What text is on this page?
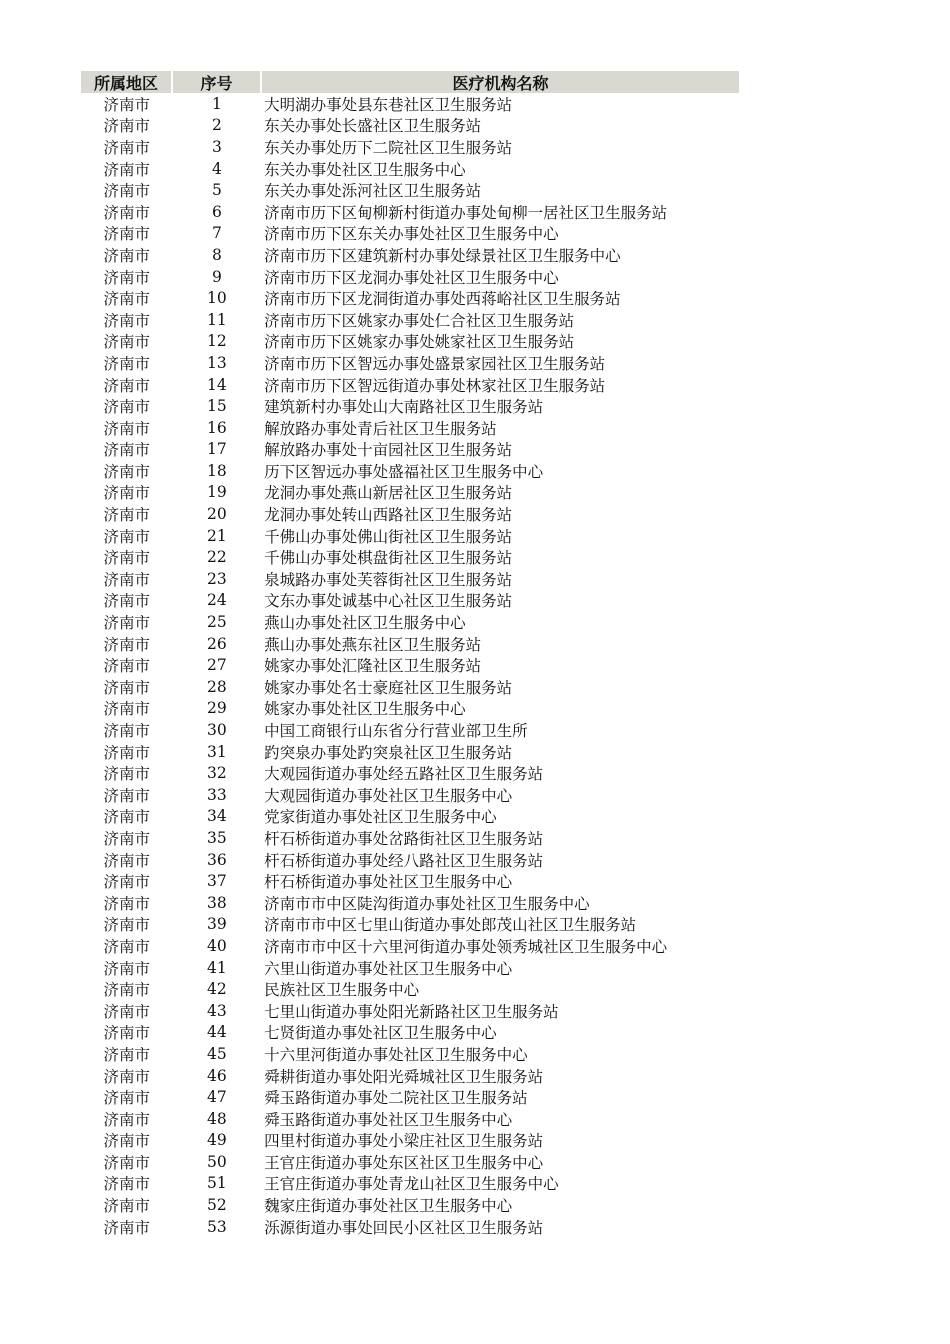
所属地区	序号	医疗机构名称
济南市	1	大明湖办事处县东巷社区卫生服务站
济南市	2	东关办事处长盛社区卫生服务站
济南市	3	东关办事处历下二院社区卫生服务站
济南市	4	东关办事处社区卫生服务中心
济南市	5	东关办事处泺河社区卫生服务站
济南市	6	济南市历下区甸柳新村街道办事处甸柳一居社区卫生服务站
济南市	7	济南市历下区东关办事处社区卫生服务中心
济南市	8	济南市历下区建筑新村办事处绿景社区卫生服务中心
济南市	9	济南市历下区龙洞办事处社区卫生服务中心
济南市	10	济南市历下区龙洞街道办事处西蒋峪社区卫生服务站
济南市	11	济南市历下区姚家办事处仁合社区卫生服务站
济南市	12	济南市历下区姚家办事处姚家社区卫生服务站
济南市	13	济南市历下区智远办事处盛景家园社区卫生服务站
济南市	14	济南市历下区智远街道办事处林家社区卫生服务站
济南市	15	建筑新村办事处山大南路社区卫生服务站
济南市	16	解放路办事处青后社区卫生服务站
济南市	17	解放路办事处十亩园社区卫生服务站
济南市	18	历下区智远办事处盛福社区卫生服务中心
济南市	19	龙洞办事处燕山新居社区卫生服务站
济南市	20	龙洞办事处转山西路社区卫生服务站
济南市	21	千佛山办事处佛山街社区卫生服务站
济南市	22	千佛山办事处棋盘街社区卫生服务站
济南市	23	泉城路办事处芙蓉街社区卫生服务站
济南市	24	文东办事处诚基中心社区卫生服务站
济南市	25	燕山办事处社区卫生服务中心
济南市	26	燕山办事处燕东社区卫生服务站
济南市	27	姚家办事处汇隆社区卫生服务站
济南市	28	姚家办事处名士豪庭社区卫生服务站
济南市	29	姚家办事处社区卫生服务中心
济南市	30	中国工商银行山东省分行营业部卫生所
济南市	31	趵突泉办事处趵突泉社区卫生服务站
济南市	32	大观园街道办事处经五路社区卫生服务站
济南市	33	大观园街道办事处社区卫生服务中心
济南市	34	党家街道办事处社区卫生服务中心
济南市	35	杆石桥街道办事处岔路街社区卫生服务站
济南市	36	杆石桥街道办事处经八路社区卫生服务站
济南市	37	杆石桥街道办事处社区卫生服务中心
济南市	38	济南市市中区陡沟街道办事处社区卫生服务中心
济南市	39	济南市市中区七里山街道办事处郎茂山社区卫生服务站
济南市	40	济南市市中区十六里河街道办事处领秀城社区卫生服务中心
济南市	41	六里山街道办事处社区卫生服务中心
济南市	42	民族社区卫生服务中心
济南市	43	七里山街道办事处阳光新路社区卫生服务站
济南市	44	七贤街道办事处社区卫生服务中心
济南市	45	十六里河街道办事处社区卫生服务中心
济南市	46	舜耕街道办事处阳光舜城社区卫生服务站
济南市	47	舜玉路街道办事处二院社区卫生服务站
济南市	48	舜玉路街道办事处社区卫生服务中心
济南市	49	四里村街道办事处小梁庄社区卫生服务站
济南市	50	王官庄街道办事处东区社区卫生服务中心
济南市	51	王官庄街道办事处青龙山社区卫生服务中心
济南市	52	魏家庄街道办事处社区卫生服务中心
济南市	53	泺源街道办事处回民小区社区卫生服务站
